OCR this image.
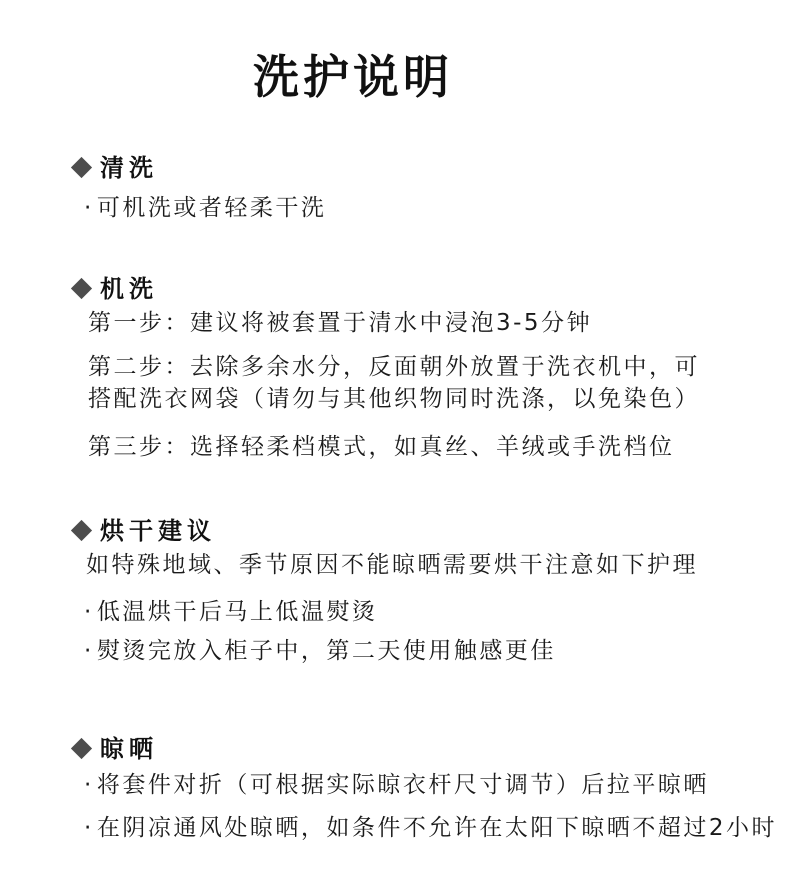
洗护说明
清洗

· 可机洗或者轻柔干洗

机洗

第一步：建议将被套置于清水中浸泡3-5分钟

第二步：去除多余水分，反面朝外放置于洗衣机中，可搭配洗衣网袋（请勿与其他织物同时洗涤，以免染色）

第三步：选择轻柔档模式，如真丝、羊绒或手洗档位

烘干建议

如特殊地域、季节原因不能晾晒需要烘干注意如下护理

· 低温烘干后马上低温熨烫

· 熨烫完放入柜子中，第二天使用触感更佳

晾晒

· 将套件对折（可根据实际晾衣杆尺寸调节）后拉平晾晒

· 在阴凉通风处晾晒，如条件不允许在太阳下晾晒不超过2小时
